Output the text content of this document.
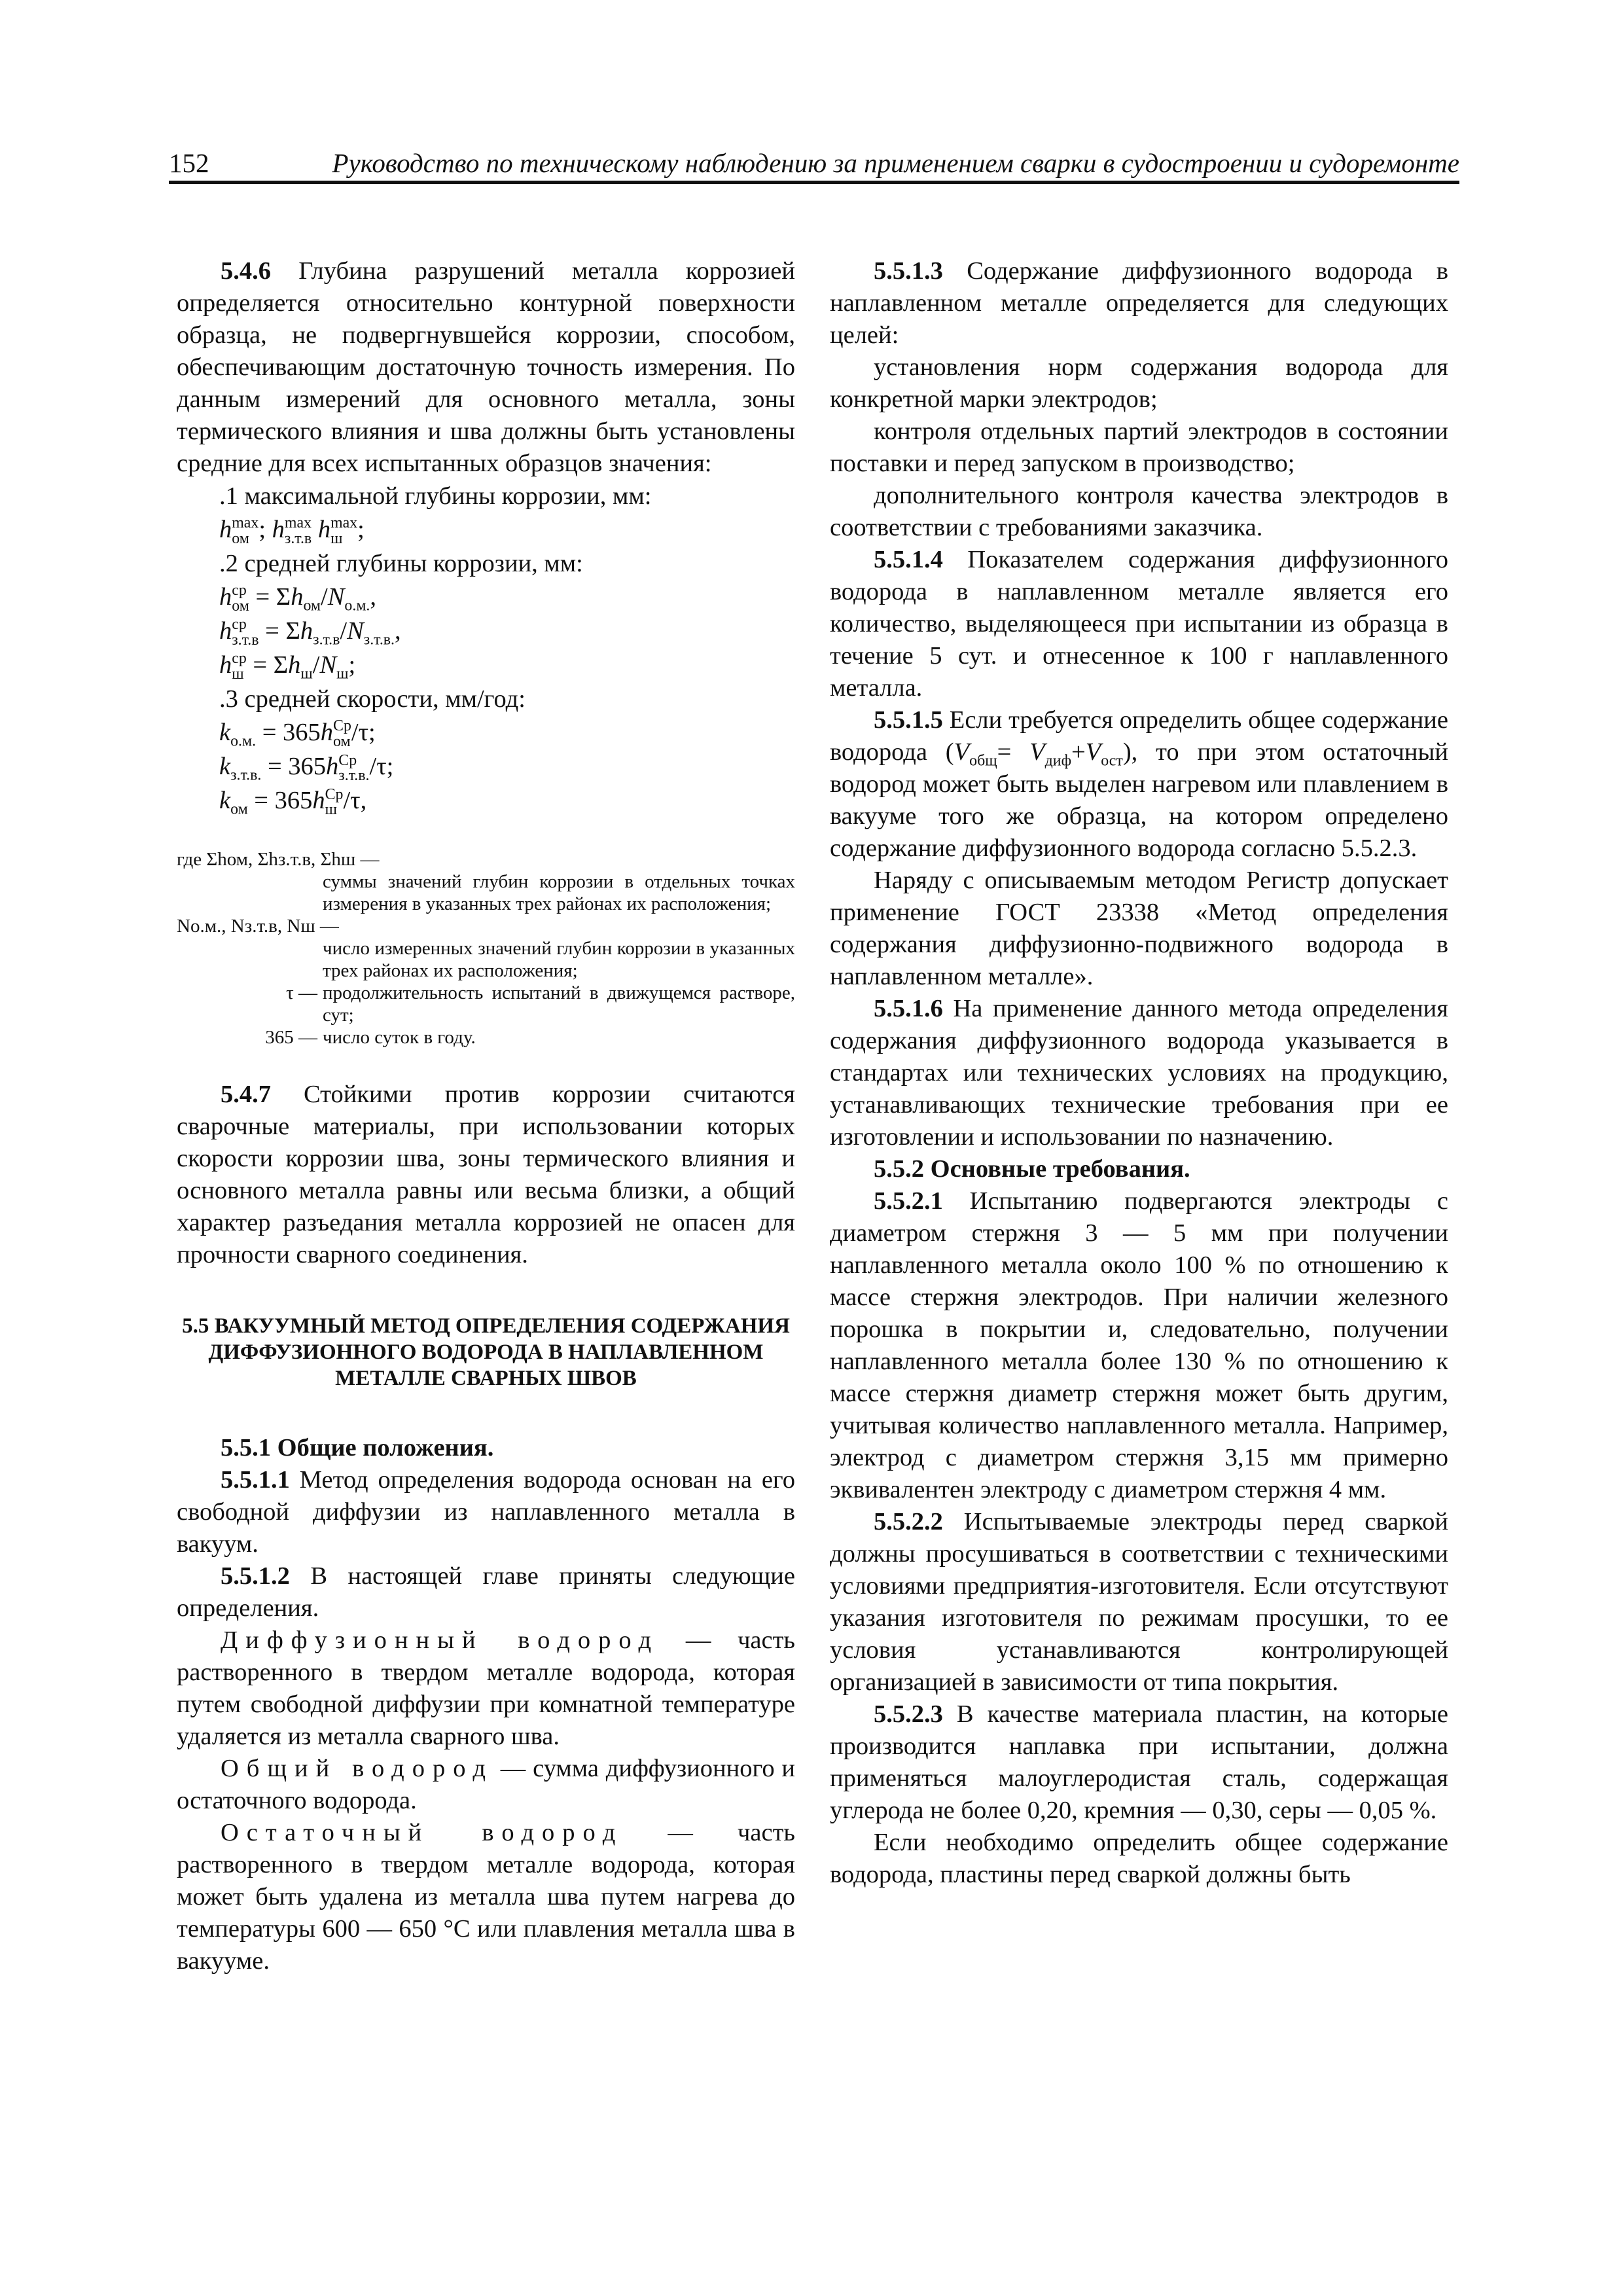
152	Руководство по техническому наблюдению за применением сварки в судостроении и судоремонте

5.4.6 Глубина разрушений металла коррозией определяется относительно контурной поверхности образца, не подвергнувшейся коррозии, способом, обеспечивающим достаточную точность измерения. По данным измерений для основного металла, зоны термического влияния и шва должны быть установлены средние для всех испытанных образцов значения:

.1 максимальной глубины коррозии, мм:
h max
ом ; h max
з.т.в h max
ш ;
.2 средней глубины коррозии, мм:
h ср
ом = $\Sigma h_{ом}/N_{о.м.}$,
h ср
$з.т.в = \Sigma h_{з.т.в}/N_{з.т.в.}$,
h ср
$ш = \Sigma h_ш/N_ш$;
.3 средней скорости, мм/год:
$k_{о.м.} = 365h$ Ср
ом /τ;
$k_{з.т.в.} = 365h$ Ср
з.т.в. /τ;
$k_{ом} = 365h$ Ср
ш /τ,
где Σhом, Σhз.т.в, Σhш —
суммы значений глубин коррозии в отдельных точках измерения в указанных трех районах их расположения;
Nо.м., Nз.т.в, Nш —
число измеренных значений глубин коррозии в указанных трех районах их расположения;
τ — продолжительность испытаний в движущемся растворе, сут;
365 — число суток в году.

5.4.7 Стойкими против коррозии считаются сварочные материалы, при использовании которых скорости коррозии шва, зоны термического влияния и основного металла равны или весьма близки, а общий характер разъедания металла коррозией не опасен для прочности сварного соединения.

5.5 ВАКУУМНЫЙ МЕТОД ОПРЕДЕЛЕНИЯ СОДЕРЖАНИЯ ДИФФУЗИОННОГО ВОДОРОДА В НАПЛАВЛЕННОМ МЕТАЛЛЕ СВАРНЫХ ШВОВ

5.5.1 Общие положения.

5.5.1.1 Метод определения водорода основан на его свободной диффузии из наплавленного металла в вакуум.

5.5.1.2 В настоящей главе приняты следующие определения.

Диффузионный водород — часть растворенного в твердом металле водорода, которая путем свободной диффузии при комнатной температуре удаляется из металла сварного шва.

Общий водород — сумма диффузионного и остаточного водорода.

Остаточный водород — часть растворенного в твердом металле водорода, которая может быть удалена из металла шва путем нагрева до температуры 600 — 650 °C или плавления металла шва в вакууме.

5.5.1.3 Содержание диффузионного водорода в наплавленном металле определяется для следующих целей:

установления норм содержания водорода для конкретной марки электродов;

контроля отдельных партий электродов в состоянии поставки и перед запуском в производство;

дополнительного контроля качества электродов в соответствии с требованиями заказчика.

5.5.1.4 Показателем содержания диффузионного водорода в наплавленном металле является его количество, выделяющееся при испытании из образца в течение 5 сут. и отнесенное к 100 г наплавленного металла.

5.5.1.5 Если требуется определить общее содержание водорода $(V_{общ}= V_{диф}+V_{ост})$, то при этом остаточный водород может быть выделен нагревом или плавлением в вакууме того же образца, на котором определено содержание диффузионного водорода согласно 5.5.2.3.

Наряду с описываемым методом Регистр допускает применение ГОСТ 23338 «Метод определения содержания диффузионно-подвижного водорода в наплавленном металле».

5.5.1.6 На применение данного метода определения содержания диффузионного водорода указывается в стандартах или технических условиях на продукцию, устанавливающих технические требования при ее изготовлении и использовании по назначению.

5.5.2 Основные требования.

5.5.2.1 Испытанию подвергаются электроды с диаметром стержня 3 — 5 мм при получении наплавленного металла около 100 % по отношению к массе стержня электродов. При наличии железного порошка в покрытии и, следовательно, получении наплавленного металла более 130 % по отношению к массе стержня диаметр стержня может быть другим, учитывая количество наплавленного металла. Например, электрод с диаметром стержня 3,15 мм примерно эквивалентен электроду с диаметром стержня 4 мм.

5.5.2.2 Испытываемые электроды перед сваркой должны просушиваться в соответствии с техническими условиями предприятия-изготовителя. Если отсутствуют указания изготовителя по режимам просушки, то ее условия устанавливаются контролирующей организацией в зависимости от типа покрытия.

5.5.2.3 В качестве материала пластин, на которые производится наплавка при испытании, должна применяться малоуглеродистая сталь, содержащая углерода не более 0,20, кремния — 0,30, серы — 0,05 %.

Если необходимо определить общее содержание водорода, пластины перед сваркой должны быть
